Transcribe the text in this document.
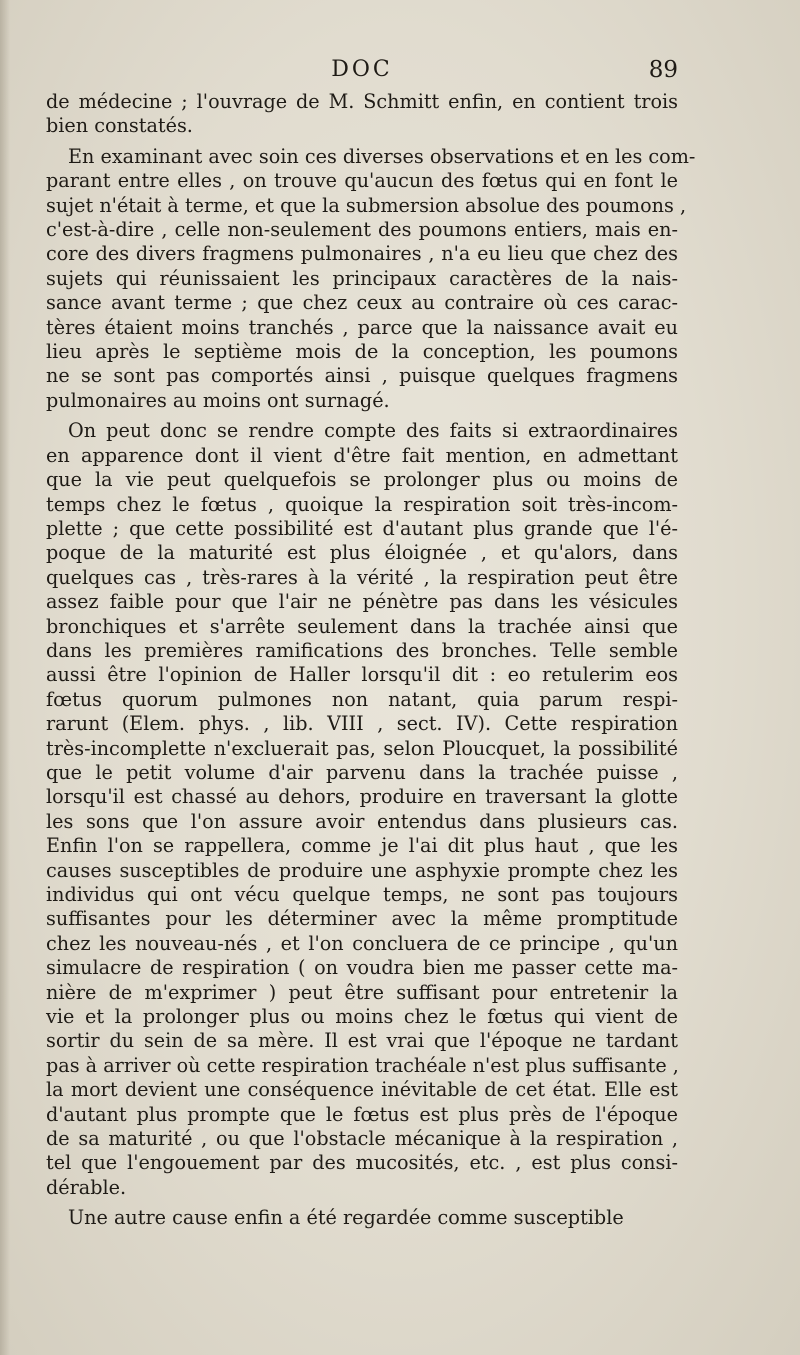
DOC	89

de médecine ; l'ouvrage de M. Schmitt enfin, en contient trois
bien constatés.

En examinant avec soin ces diverses observations et en les com-
parant entre elles , on trouve qu'aucun des fœtus qui en font le
sujet n'était à terme, et que la submersion absolue des poumons ,
c'est-à-dire , celle non-seulement des poumons entiers, mais en-
core des divers fragmens pulmonaires , n'a eu lieu que chez des
sujets qui réunissaient les principaux caractères de la nais-
sance avant terme ; que chez ceux au contraire où ces carac-
tères étaient moins tranchés , parce que la naissance avait eu
lieu après le septième mois de la conception, les poumons
ne se sont pas comportés ainsi , puisque quelques fragmens
pulmonaires au moins ont surnagé.

On peut donc se rendre compte des faits si extraordinaires
en apparence dont il vient d'être fait mention, en admettant
que la vie peut quelquefois se prolonger plus ou moins de
temps chez le fœtus , quoique la respiration soit très-incom-
plette ; que cette possibilité est d'autant plus grande que l'é-
poque de la maturité est plus éloignée , et qu'alors, dans
quelques cas , très-rares à la vérité , la respiration peut être
assez faible pour que l'air ne pénètre pas dans les vésicules
bronchiques et s'arrête seulement dans la trachée ainsi que
dans les premières ramifications des bronches. Telle semble
aussi être l'opinion de Haller lorsqu'il dit : eo retulerim eos
fœtus quorum pulmones non natant, quia parum respi-
rarunt (Elem. phys. , lib. VIII , sect. IV). Cette respiration
très-incomplette n'excluerait pas, selon Ploucquet, la possibilité
que le petit volume d'air parvenu dans la trachée puisse ,
lorsqu'il est chassé au dehors, produire en traversant la glotte
les sons que l'on assure avoir entendus dans plusieurs cas.
Enfin l'on se rappellera, comme je l'ai dit plus haut , que les
causes susceptibles de produire une asphyxie prompte chez les
individus qui ont vécu quelque temps, ne sont pas toujours
suffisantes pour les déterminer avec la même promptitude
chez les nouveau-nés , et l'on concluera de ce principe , qu'un
simulacre de respiration ( on voudra bien me passer cette ma-
nière de m'exprimer ) peut être suffisant pour entretenir la
vie et la prolonger plus ou moins chez le fœtus qui vient de
sortir du sein de sa mère. Il est vrai que l'époque ne tardant
pas à arriver où cette respiration trachéale n'est plus suffisante ,
la mort devient une conséquence inévitable de cet état. Elle est
d'autant plus prompte que le fœtus est plus près de l'époque
de sa maturité , ou que l'obstacle mécanique à la respiration ,
tel que l'engouement par des mucosités, etc. , est plus consi-
dérable.

Une autre cause enfin a été regardée comme susceptible
